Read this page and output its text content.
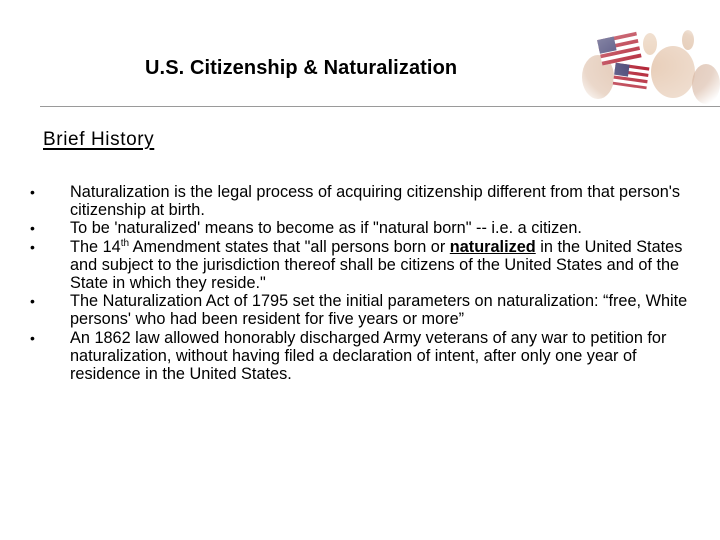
U.S. Citizenship & Naturalization
Brief History
•	Naturalization is the legal process of acquiring citizenship different from that person's citizenship at birth.
•	To be 'naturalized' means to become as if "natural born" -- i.e. a citizen.
•	The 14th Amendment states that "all persons born or naturalized in the United States and subject to the jurisdiction thereof shall be citizens of the United States and of the State in which they reside."
•	The Naturalization Act of 1795 set the initial parameters on naturalization: “free, White persons' who had been resident for five years or more”
•	An 1862 law allowed honorably discharged Army veterans of any war to petition for naturalization, without having filed a declaration of intent, after only one year of residence in the United States.
